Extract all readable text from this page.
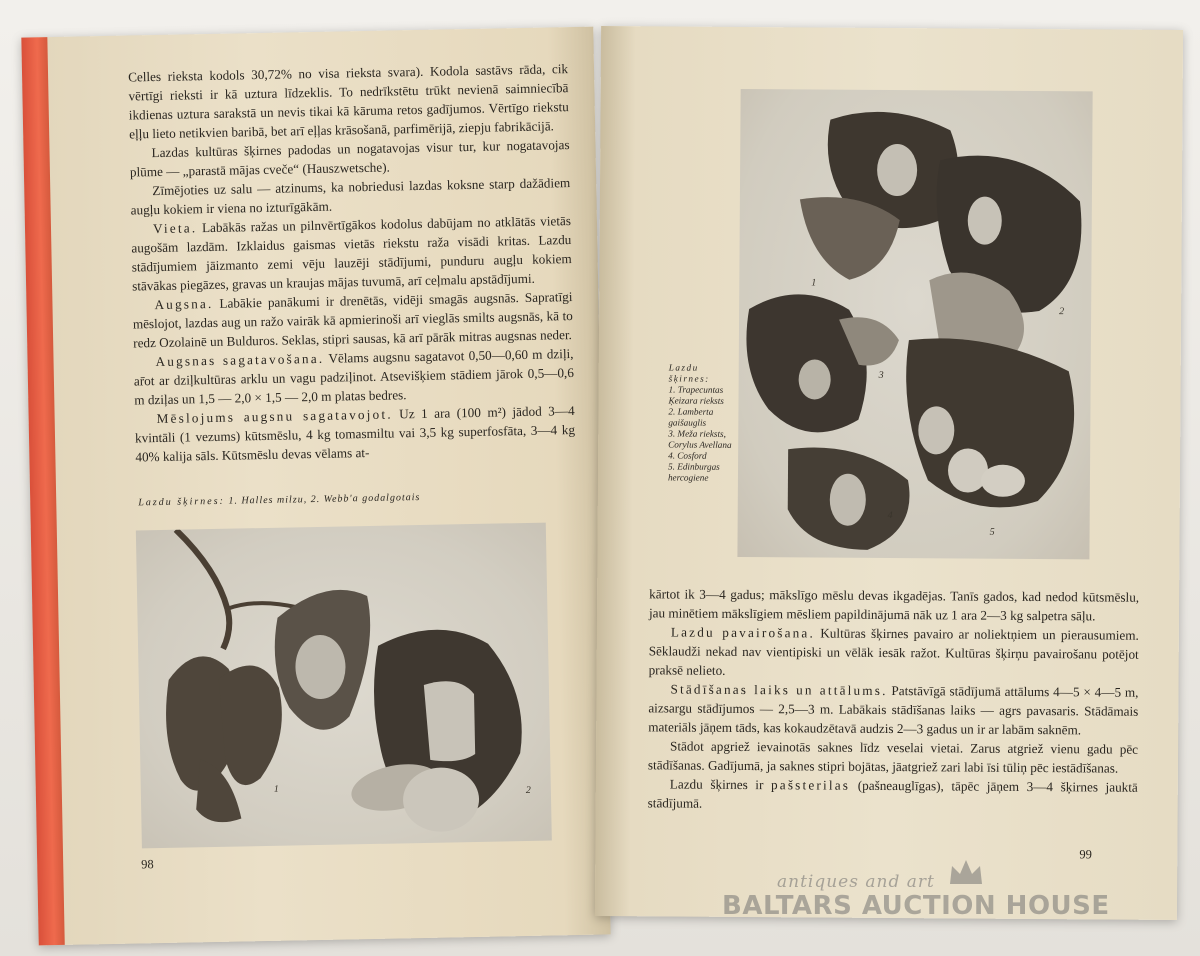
Celles rieksta kodols 30,72% no visa rieksta svara). Kodola sastāvs rāda, cik vērtīgi rieksti ir kā uztura līdzeklis. To nedrīkstētu trūkt nevienā saimniecībā ikdienas uztura sarakstā un nevis tikai kā kāruma retos gadījumos. Vērtīgo riekstu eļļu lieto netikvien baribā, bet arī eļļas krāsošanā, parfimērijā, ziepju fabrikācijā.

Lazdas kultūras šķirnes padodas un nogatavojas visur tur, kur nogatavojas plūme — „parastā mājas cveče“ (Hauszwetsche).

Zīmējoties uz salu — atzinums, ka nobriedusi lazdas koksne starp dažādiem augļu kokiem ir viena no izturīgākām.

Vieta. Labākās ražas un pilnvērtīgākos kodolus dabūjam no atklātās vietās augošām lazdām. Izklaidus gaismas vietās riekstu raža visādi kritas. Lazdu stādījumiem jāizmanto zemi vēju lauzēji stādījumi, punduru augļu kokiem stāvākas piegāzes, gravas un kraujas mājas tuvumā, arī ceļmalu apstādījumi.

Augsna. Labākie panākumi ir drenētās, vidēji smagās augsnās. Sapratīgi mēslojot, lazdas aug un ražo vairāk kā apmierinoši arī vieglās smilts augsnās, kā to redz Ozolainē un Bulduros. Seklas, stipri sausas, kā arī pārāk mitras augsnas neder.

Augsnas sagatavošana. Vēlams augsnu sagatavot 0,50—0,60 m dziļi, ar̄ot ar dziļkultūras arklu un vagu padziļinot. Atsevišķiem stādiem jārok 0,5—0,6 m dziļas un 1,5 — 2,0 × 1,5 — 2,0 m platas bedres.

Mēslojums augsnu sagatavojot. Uz 1 ara (100 m²) jādod 3—4 kvintāli (1 vezums) kūtsmēslu, 4 kg tomasmiltu vai 3,5 kg superfosfāta, 3—4 kg 40% kalija sāls. Kūtsmēslu devas vēlams at-

Lazdu šķirnes: 1. Halles milzu, 2. Webb'a godalgotais
1	2
98
Lazdu šķirnes:
1. Trapecuntas Ķeizara rieksts
2. Lamberta gaišauglis
3. Meža rieksts, Corylus Avellana
4. Cosford
5. Edinburgas hercogiene
1
2
3
4
5

kārtot ik 3—4 gadus; mākslīgo mēslu devas ikgadējas. Tanīs gados, kad nedod kūtsmēslu, jau minētiem mākslīgiem mēsliem papildinājumā nāk uz 1 ara 2—3 kg salpetra sāļu.

Lazdu pavairošana. Kultūras šķirnes pavairo ar noliektņiem un pierausumiem. Sēklaudži nekad nav vientipiski un vēlāk iesāk ražot. Kultūras šķirņu pavairošanu potējot praksē nelieto.

Stādīšanas laiks un attālums. Patstāvīgā stādījumā attālums 4—5 × 4—5 m, aizsargu stādījumos — 2,5—3 m. Labākais stādīšanas laiks — agrs pavasaris. Stādāmais materiāls jāņem tāds, kas kokaudzētavā audzis 2—3 gadus un ir ar labām saknēm.

Stādot apgriež ievainotās saknes līdz veselai vietai. Zarus atgriež vienu gadu pēc stādīšanas. Gadījumā, ja saknes stipri bojātas, jāatgriež zari labi īsi tūliņ pēc iestādīšanas.

Lazdu šķirnes ir pašsterilas (pašneauglīgas), tāpēc jāņem 3—4 šķirnes jauktā stādījumā.

99
antiques and art
BALTARS AUCTION HOUSE
